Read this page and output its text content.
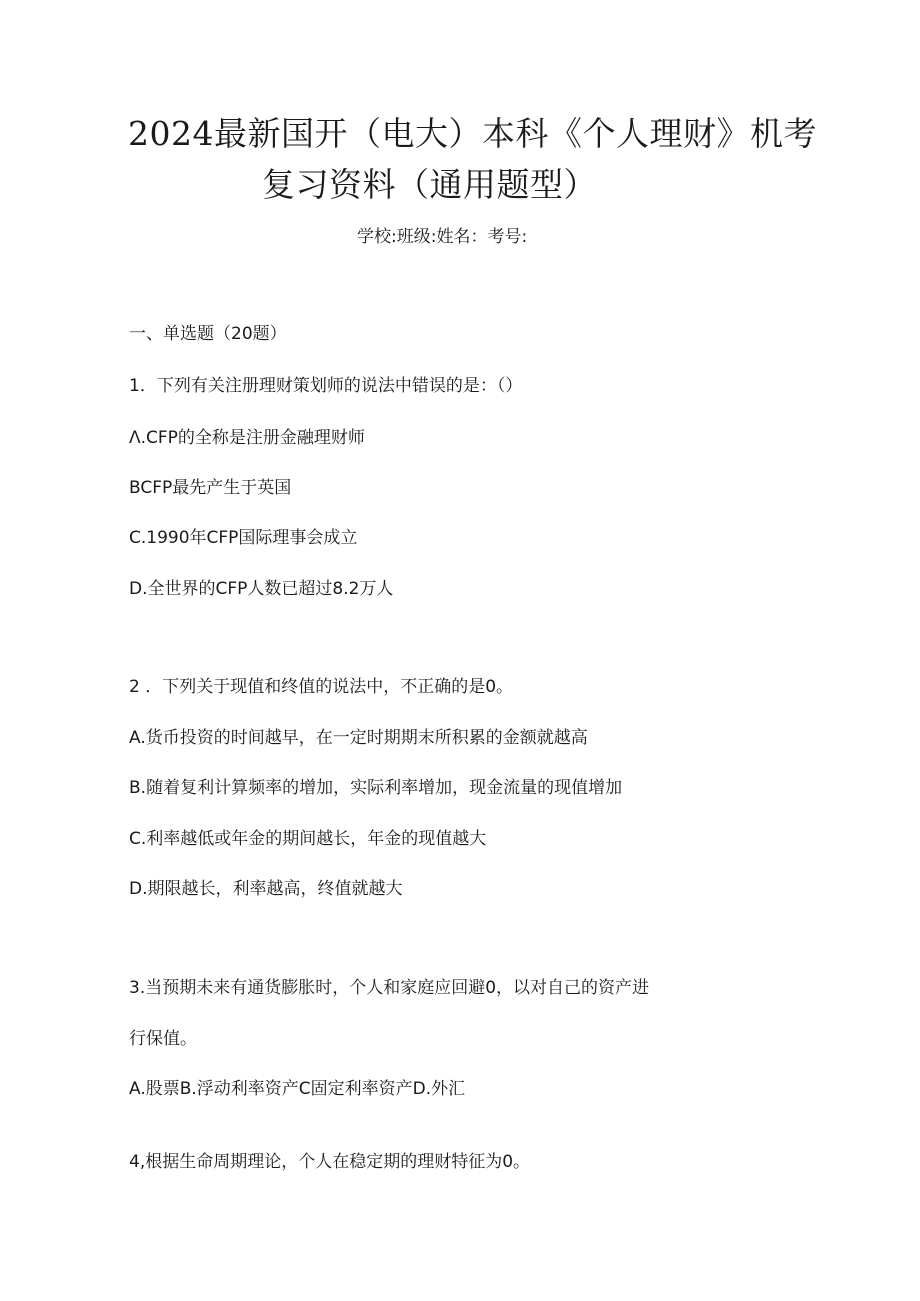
2024最新国开（电大）本科《个人理财》机考
复习资料（通用题型）
学校:班级:姓名：考号:
一、单选题（20题）
1．下列有关注册理财策划师的说法中错误的是：（）
Λ.CFP的全称是注册金融理财师
BCFP最先产生于英国
C.1990年CFP国际理事会成立
D.全世界的CFP人数已超过8.2万人
2 ．下列关于现值和终值的说法中，不正确的是0。
A.货币投资的时间越早，在一定时期期末所积累的金额就越高
B.随着复利计算频率的增加，实际利率增加，现金流量的现值增加
C.利率越低或年金的期间越长，年金的现值越大
D.期限越长，利率越高，终值就越大
3.当预期未来有通货膨胀时，个人和家庭应回避0，以对自己的资产进
行保值。
A.股票B.浮动利率资产C固定利率资产D.外汇
4,根据生命周期理论，个人在稳定期的理财特征为0。
